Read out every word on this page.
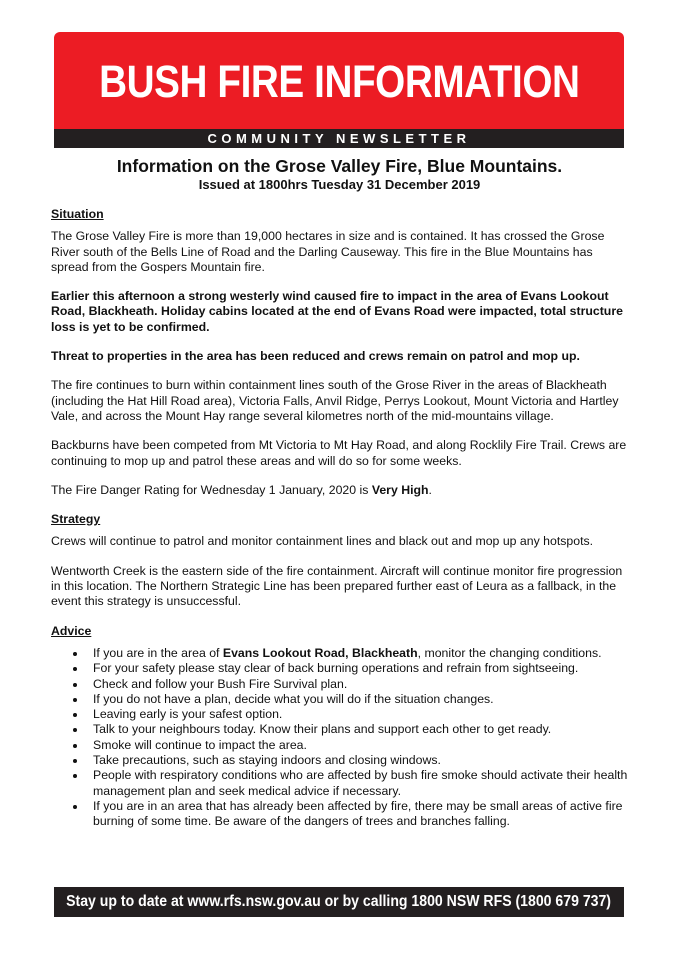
BUSH FIRE INFORMATION
COMMUNITY NEWSLETTER
Information on the Grose Valley Fire, Blue Mountains.
Issued at 1800hrs Tuesday 31 December 2019
Situation

The Grose Valley Fire is more than 19,000 hectares in size and is contained. It has crossed the Grose River south of the Bells Line of Road and the Darling Causeway. This fire in the Blue Mountains has spread from the Gospers Mountain fire.

Earlier this afternoon a strong westerly wind caused fire to impact in the area of Evans Lookout Road, Blackheath. Holiday cabins located at the end of Evans Road were impacted, total structure loss is yet to be confirmed.

Threat to properties in the area has been reduced and crews remain on patrol and mop up.

The fire continues to burn within containment lines south of the Grose River in the areas of Blackheath (including the Hat Hill Road area), Victoria Falls, Anvil Ridge, Perrys Lookout, Mount Victoria and Hartley Vale, and across the Mount Hay range several kilometres north of the mid-mountains village.

Backburns have been competed from Mt Victoria to Mt Hay Road, and along Rocklily Fire Trail. Crews are continuing to mop up and patrol these areas and will do so for some weeks.

The Fire Danger Rating for Wednesday 1 January, 2020 is Very High.

Strategy

Crews will continue to patrol and monitor containment lines and black out and mop up any hotspots.

Wentworth Creek is the eastern side of the fire containment. Aircraft will continue monitor fire progression in this location. The Northern Strategic Line has been prepared further east of Leura as a fallback, in the event this strategy is unsuccessful.

Advice
If you are in the area of Evans Lookout Road, Blackheath, monitor the changing conditions.
For your safety please stay clear of back burning operations and refrain from sightseeing.
Check and follow your Bush Fire Survival plan.
If you do not have a plan, decide what you will do if the situation changes.
Leaving early is your safest option.
Talk to your neighbours today. Know their plans and support each other to get ready.
Smoke will continue to impact the area.
Take precautions, such as staying indoors and closing windows.
People with respiratory conditions who are affected by bush fire smoke should activate their health management plan and seek medical advice if necessary.
If you are in an area that has already been affected by fire, there may be small areas of active fire burning of some time. Be aware of the dangers of trees and branches falling.
Stay up to date at www.rfs.nsw.gov.au or by calling 1800 NSW RFS (1800 679 737)
